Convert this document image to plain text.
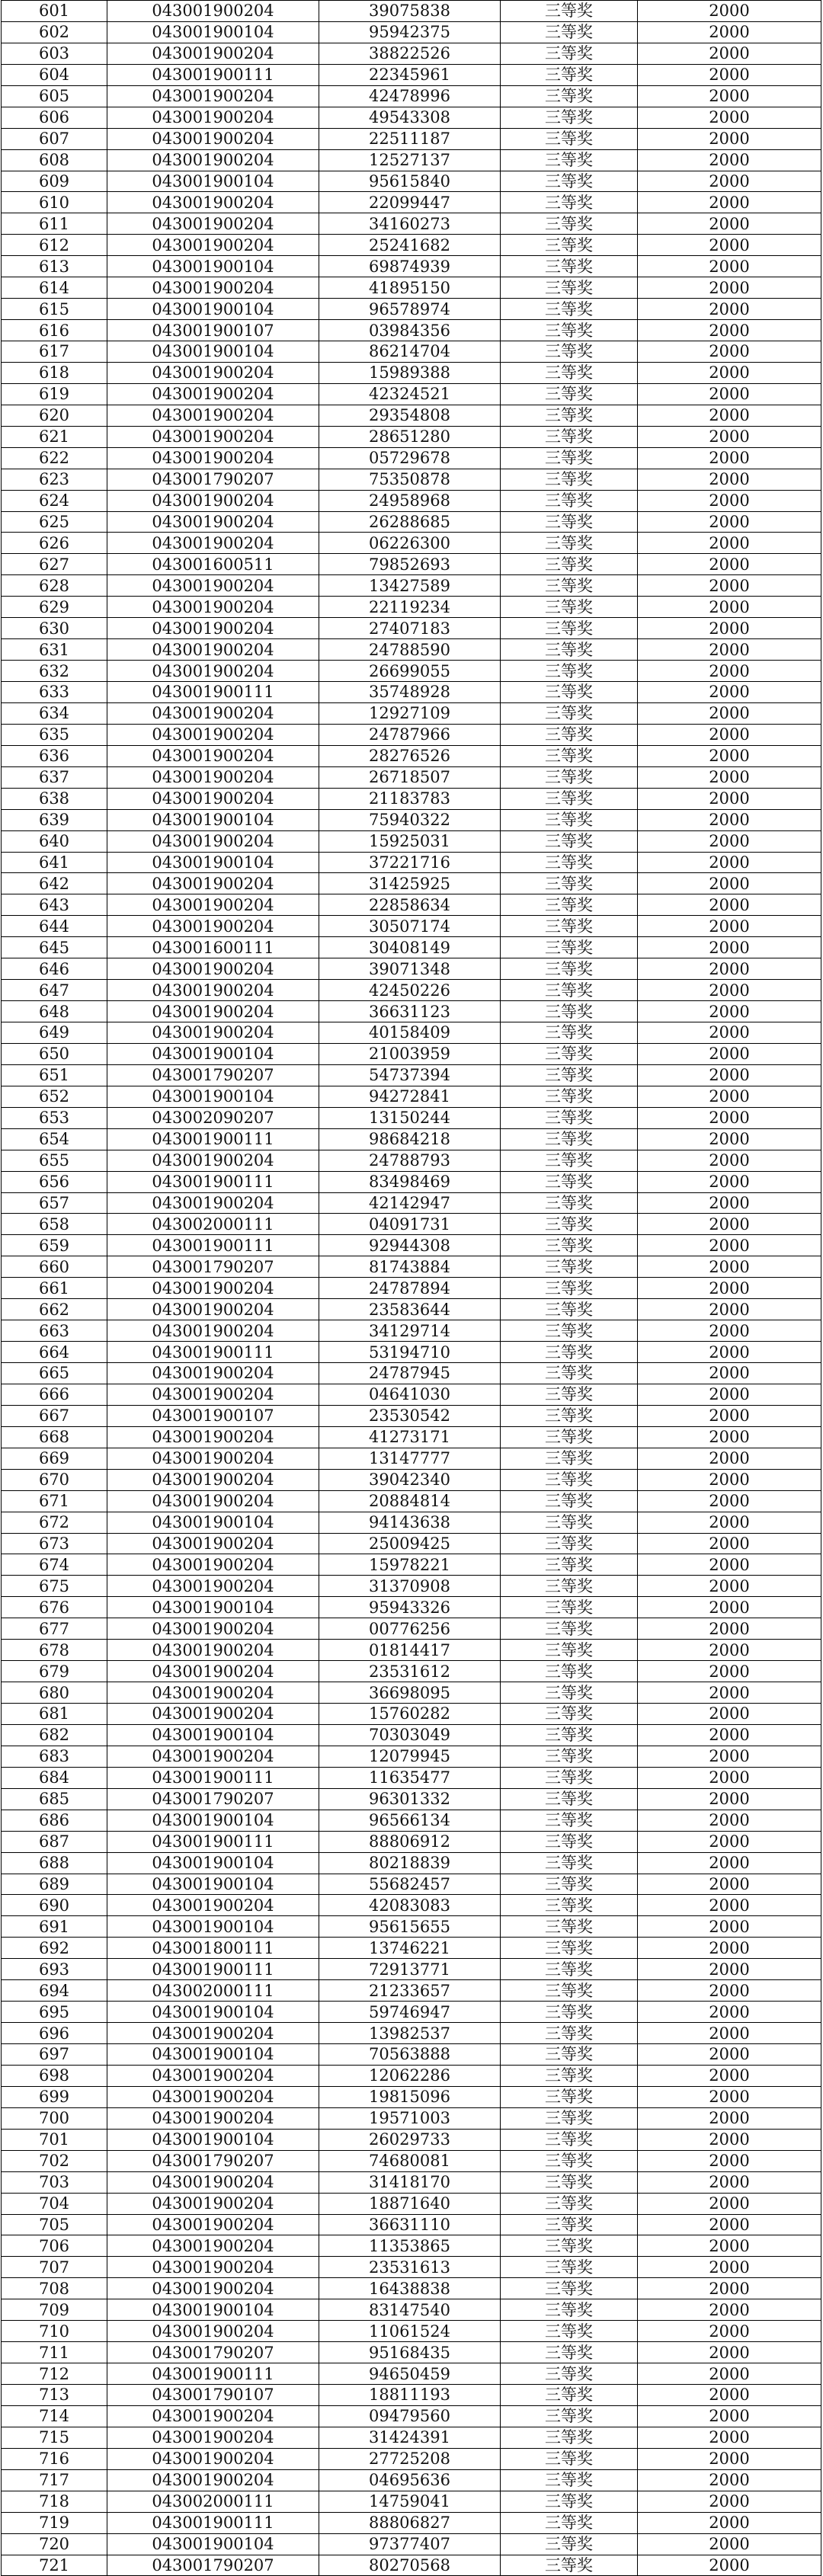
601	043001900204	39075838	三等奖	2000
602	043001900104	95942375	三等奖	2000
603	043001900204	38822526	三等奖	2000
604	043001900111	22345961	三等奖	2000
605	043001900204	42478996	三等奖	2000
606	043001900204	49543308	三等奖	2000
607	043001900204	22511187	三等奖	2000
608	043001900204	12527137	三等奖	2000
609	043001900104	95615840	三等奖	2000
610	043001900204	22099447	三等奖	2000
611	043001900204	34160273	三等奖	2000
612	043001900204	25241682	三等奖	2000
613	043001900104	69874939	三等奖	2000
614	043001900204	41895150	三等奖	2000
615	043001900104	96578974	三等奖	2000
616	043001900107	03984356	三等奖	2000
617	043001900104	86214704	三等奖	2000
618	043001900204	15989388	三等奖	2000
619	043001900204	42324521	三等奖	2000
620	043001900204	29354808	三等奖	2000
621	043001900204	28651280	三等奖	2000
622	043001900204	05729678	三等奖	2000
623	043001790207	75350878	三等奖	2000
624	043001900204	24958968	三等奖	2000
625	043001900204	26288685	三等奖	2000
626	043001900204	06226300	三等奖	2000
627	043001600511	79852693	三等奖	2000
628	043001900204	13427589	三等奖	2000
629	043001900204	22119234	三等奖	2000
630	043001900204	27407183	三等奖	2000
631	043001900204	24788590	三等奖	2000
632	043001900204	26699055	三等奖	2000
633	043001900111	35748928	三等奖	2000
634	043001900204	12927109	三等奖	2000
635	043001900204	24787966	三等奖	2000
636	043001900204	28276526	三等奖	2000
637	043001900204	26718507	三等奖	2000
638	043001900204	21183783	三等奖	2000
639	043001900104	75940322	三等奖	2000
640	043001900204	15925031	三等奖	2000
641	043001900104	37221716	三等奖	2000
642	043001900204	31425925	三等奖	2000
643	043001900204	22858634	三等奖	2000
644	043001900204	30507174	三等奖	2000
645	043001600111	30408149	三等奖	2000
646	043001900204	39071348	三等奖	2000
647	043001900204	42450226	三等奖	2000
648	043001900204	36631123	三等奖	2000
649	043001900204	40158409	三等奖	2000
650	043001900104	21003959	三等奖	2000
651	043001790207	54737394	三等奖	2000
652	043001900104	94272841	三等奖	2000
653	043002090207	13150244	三等奖	2000
654	043001900111	98684218	三等奖	2000
655	043001900204	24788793	三等奖	2000
656	043001900111	83498469	三等奖	2000
657	043001900204	42142947	三等奖	2000
658	043002000111	04091731	三等奖	2000
659	043001900111	92944308	三等奖	2000
660	043001790207	81743884	三等奖	2000
661	043001900204	24787894	三等奖	2000
662	043001900204	23583644	三等奖	2000
663	043001900204	34129714	三等奖	2000
664	043001900111	53194710	三等奖	2000
665	043001900204	24787945	三等奖	2000
666	043001900204	04641030	三等奖	2000
667	043001900107	23530542	三等奖	2000
668	043001900204	41273171	三等奖	2000
669	043001900204	13147777	三等奖	2000
670	043001900204	39042340	三等奖	2000
671	043001900204	20884814	三等奖	2000
672	043001900104	94143638	三等奖	2000
673	043001900204	25009425	三等奖	2000
674	043001900204	15978221	三等奖	2000
675	043001900204	31370908	三等奖	2000
676	043001900104	95943326	三等奖	2000
677	043001900204	00776256	三等奖	2000
678	043001900204	01814417	三等奖	2000
679	043001900204	23531612	三等奖	2000
680	043001900204	36698095	三等奖	2000
681	043001900204	15760282	三等奖	2000
682	043001900104	70303049	三等奖	2000
683	043001900204	12079945	三等奖	2000
684	043001900111	11635477	三等奖	2000
685	043001790207	96301332	三等奖	2000
686	043001900104	96566134	三等奖	2000
687	043001900111	88806912	三等奖	2000
688	043001900104	80218839	三等奖	2000
689	043001900104	55682457	三等奖	2000
690	043001900204	42083083	三等奖	2000
691	043001900104	95615655	三等奖	2000
692	043001800111	13746221	三等奖	2000
693	043001900111	72913771	三等奖	2000
694	043002000111	21233657	三等奖	2000
695	043001900104	59746947	三等奖	2000
696	043001900204	13982537	三等奖	2000
697	043001900104	70563888	三等奖	2000
698	043001900204	12062286	三等奖	2000
699	043001900204	19815096	三等奖	2000
700	043001900204	19571003	三等奖	2000
701	043001900104	26029733	三等奖	2000
702	043001790207	74680081	三等奖	2000
703	043001900204	31418170	三等奖	2000
704	043001900204	18871640	三等奖	2000
705	043001900204	36631110	三等奖	2000
706	043001900204	11353865	三等奖	2000
707	043001900204	23531613	三等奖	2000
708	043001900204	16438838	三等奖	2000
709	043001900104	83147540	三等奖	2000
710	043001900204	11061524	三等奖	2000
711	043001790207	95168435	三等奖	2000
712	043001900111	94650459	三等奖	2000
713	043001790107	18811193	三等奖	2000
714	043001900204	09479560	三等奖	2000
715	043001900204	31424391	三等奖	2000
716	043001900204	27725208	三等奖	2000
717	043001900204	04695636	三等奖	2000
718	043002000111	14759041	三等奖	2000
719	043001900111	88806827	三等奖	2000
720	043001900104	97377407	三等奖	2000
721	043001790207	80270568	三等奖	2000
